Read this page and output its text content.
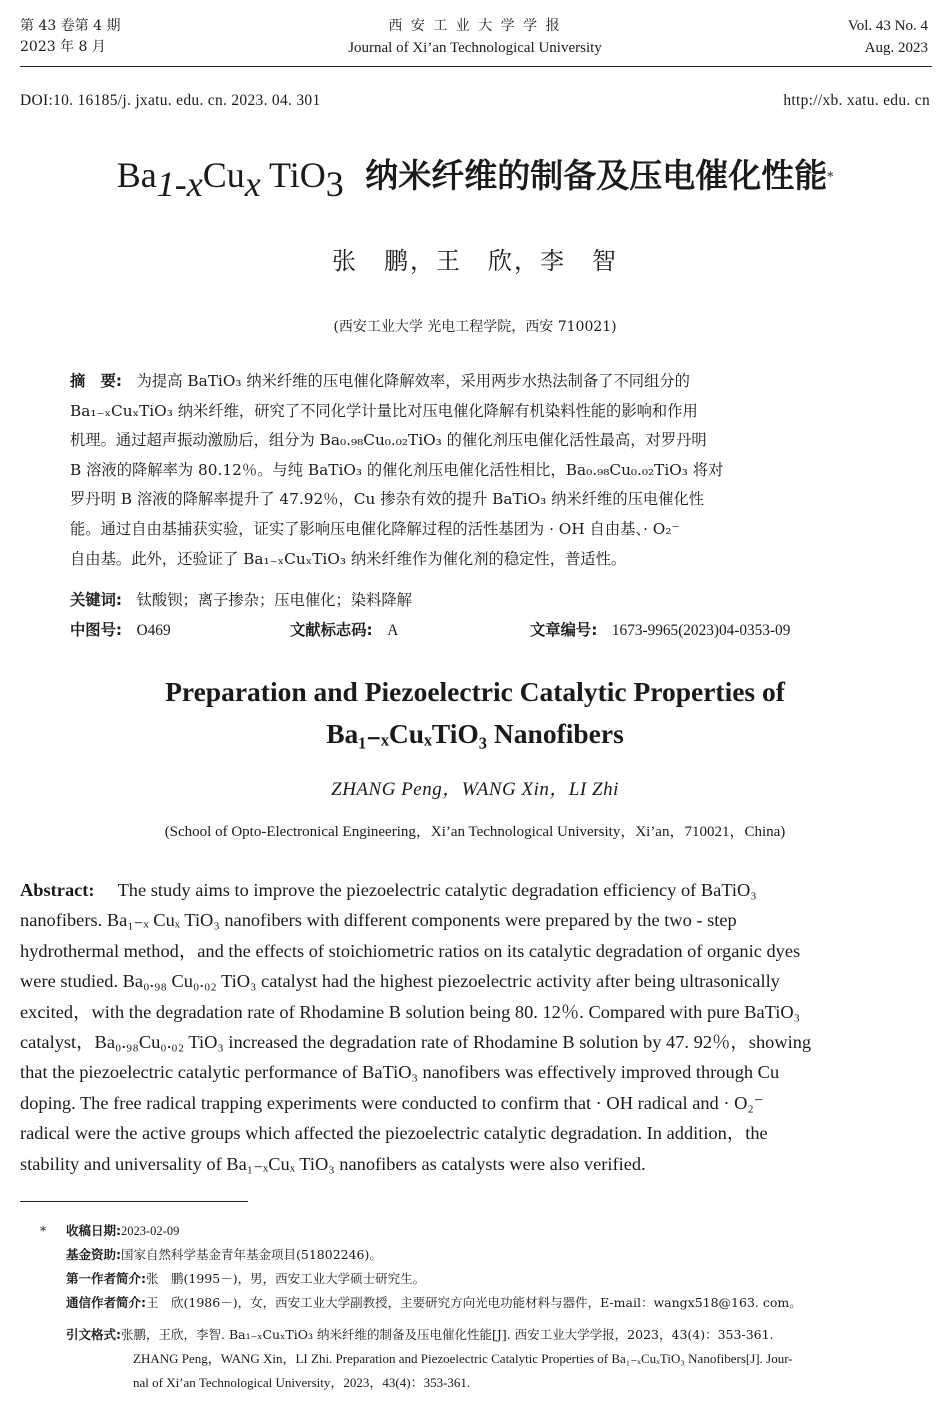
第 43 卷第 4 期
2023 年 8 月
西 安 工 业 大 学 学 报
Journal of Xi’an Technological University
Vol. 43 No. 4
Aug. 2023
DOI:10. 16185/j. jxatu. edu. cn. 2023. 04. 301	http://xb. xatu. edu. cn
$Ba_{1-x}Cu_x$ TiO$_3$ 纳米纤维的制备及压电催化性能*
张　鹏，王　欣，李　智
(西安工业大学 光电工程学院，西安 710021)
摘　要: 为提高 BaTiO₃ 纳米纤维的压电催化降解效率，采用两步水热法制备了不同组分的
Ba₁₋ₓCuₓTiO₃ 纳米纤维，研究了不同化学计量比对压电催化降解有机染料性能的影响和作用
机理。通过超声振动激励后，组分为 Ba₀.₉₈Cu₀.₀₂TiO₃ 的催化剂压电催化活性最高，对罗丹明
B 溶液的降解率为 80.12％。与纯 BaTiO₃ 的催化剂压电催化活性相比，Ba₀.₉₈Cu₀.₀₂TiO₃ 将对
罗丹明 B 溶液的降解率提升了 47.92％，Cu 掺杂有效的提升 BaTiO₃ 纳米纤维的压电催化性
能。通过自由基捕获实验，证实了影响压电催化降解过程的活性基团为 · OH 自由基、· O₂⁻
自由基。此外，还验证了 Ba₁₋ₓCuₓTiO₃ 纳米纤维作为催化剂的稳定性，普适性。
关键词: 钛酸钡；离子掺杂；压电催化；染料降解
中图号: O469	文献标志码: A	文章编号: 1673-9965(2023)04-0353-09
Preparation and Piezoelectric Catalytic Properties of
Ba₁₋ₓCuₓTiO₃ Nanofibers
ZHANG Peng，WANG Xin，LI Zhi
(School of Opto-Electronical Engineering，Xi’an Technological University，Xi’an，710021，China)
Abstract: The study aims to improve the piezoelectric catalytic degradation efficiency of BaTiO₃
nanofibers. Ba₁₋ₓ Cuₓ TiO₃ nanofibers with different components were prepared by the two - step
hydrothermal method，and the effects of stoichiometric ratios on its catalytic degradation of organic dyes
were studied. Ba₀.₉₈ Cu₀.₀₂ TiO₃ catalyst had the highest piezoelectric activity after being ultrasonically
excited，with the degradation rate of Rhodamine B solution being 80. 12％. Compared with pure BaTiO₃
catalyst，Ba₀.₉₈Cu₀.₀₂ TiO₃ increased the degradation rate of Rhodamine B solution by 47. 92％，showing
that the piezoelectric catalytic performance of BaTiO₃ nanofibers was effectively improved through Cu
doping. The free radical trapping experiments were conducted to confirm that · OH radical and · O₂⁻
radical were the active groups which affected the piezoelectric catalytic degradation. In addition，the
stability and universality of Ba₁₋ₓCuₓ TiO₃ nanofibers as catalysts were also verified.
* 收稿日期:2023-02-09
基金资助:国家自然科学基金青年基金项目(51802246)。
第一作者简介:张　鹏(1995－)，男，西安工业大学硕士研究生。
通信作者简介:王　欣(1986－)，女，西安工业大学副教授，主要研究方向光电功能材料与器件，E-mail：wangx518@163. com。
引文格式:张鹏，王欣，李智. Ba₁₋ₓCuₓTiO₃ 纳米纤维的制备及压电催化性能[J]. 西安工业大学学报，2023，43(4)：353-361.
ZHANG Peng，WANG Xin，LI Zhi. Preparation and Piezoelectric Catalytic Properties of Ba₁₋ₓCuₓTiO₃ Nanofibers[J]. Jour-
nal of Xi’an Technological University，2023，43(4)：353-361.
